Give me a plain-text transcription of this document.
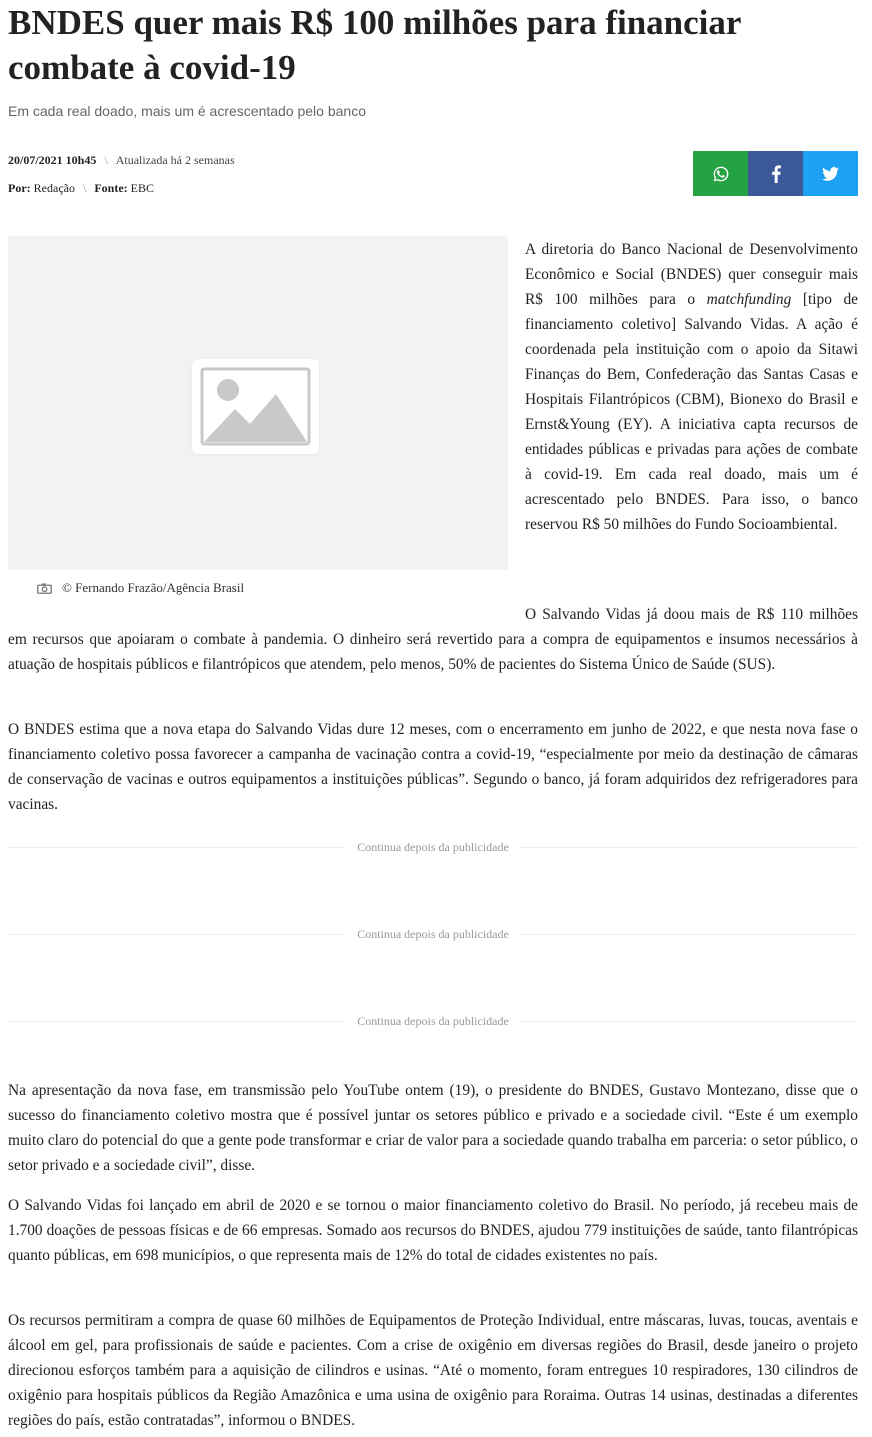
BNDES quer mais R$ 100 milhões para financiar combate à covid-19

Em cada real doado, mais um é acrescentado pelo banco

20/07/2021 10h45 \ Atualizada há 2 semanas
Por: Redação \ Fonte: EBC
© Fernando Frazão/Agência Brasil

A diretoria do Banco Nacional de Desenvolvimento Econômico e Social (BNDES) quer conseguir mais R$ 100 milhões para o matchfunding [tipo de financiamento coletivo] Salvando Vidas. A ação é coordenada pela instituição com o apoio da Sitawi Finanças do Bem, Confederação das Santas Casas e Hospitais Filantrópicos (CBM), Bionexo do Brasil e Ernst&Young (EY). A iniciativa capta recursos de entidades públicas e privadas para ações de combate à covid-19. Em cada real doado, mais um é acrescentado pelo BNDES. Para isso, o banco reservou R$ 50 milhões do Fundo Socioambiental.

O Salvando Vidas já doou mais de R$ 110 milhões em recursos que apoiaram o combate à pandemia. O dinheiro será revertido para a compra de equipamentos e insumos necessários à atuação de hospitais públicos e filantrópicos que atendem, pelo menos, 50% de pacientes do Sistema Único de Saúde (SUS).

O BNDES estima que a nova etapa do Salvando Vidas dure 12 meses, com o encerramento em junho de 2022, e que nesta nova fase o financiamento coletivo possa favorecer a campanha de vacinação contra a covid-19, “especialmente por meio da destinação de câmaras de conservação de vacinas e outros equipamentos a instituições públicas”. Segundo o banco, já foram adquiridos dez refrigeradores para vacinas.

Continua depois da publicidade
Continua depois da publicidade
Continua depois da publicidade

Na apresentação da nova fase, em transmissão pelo YouTube ontem (19), o presidente do BNDES, Gustavo Montezano, disse que o sucesso do financiamento coletivo mostra que é possível juntar os setores público e privado e a sociedade civil. “Este é um exemplo muito claro do potencial do que a gente pode transformar e criar de valor para a sociedade quando trabalha em parceria: o setor público, o setor privado e a sociedade civil”, disse.

O Salvando Vidas foi lançado em abril de 2020 e se tornou o maior financiamento coletivo do Brasil. No período, já recebeu mais de 1.700 doações de pessoas físicas e de 66 empresas. Somado aos recursos do BNDES, ajudou 779 instituições de saúde, tanto filantrópicas quanto públicas, em 698 municípios, o que representa mais de 12% do total de cidades existentes no país.

Os recursos permitiram a compra de quase 60 milhões de Equipamentos de Proteção Individual, entre máscaras, luvas, toucas, aventais e álcool em gel, para profissionais de saúde e pacientes. Com a crise de oxigênio em diversas regiões do Brasil, desde janeiro o projeto direcionou esforços também para a aquisição de cilindros e usinas. “Até o momento, foram entregues 10 respiradores, 130 cilindros de oxigênio para hospitais públicos da Região Amazônica e uma usina de oxigênio para Roraima. Outras 14 usinas, destinadas a diferentes regiões do país, estão contratadas”, informou o BNDES.
